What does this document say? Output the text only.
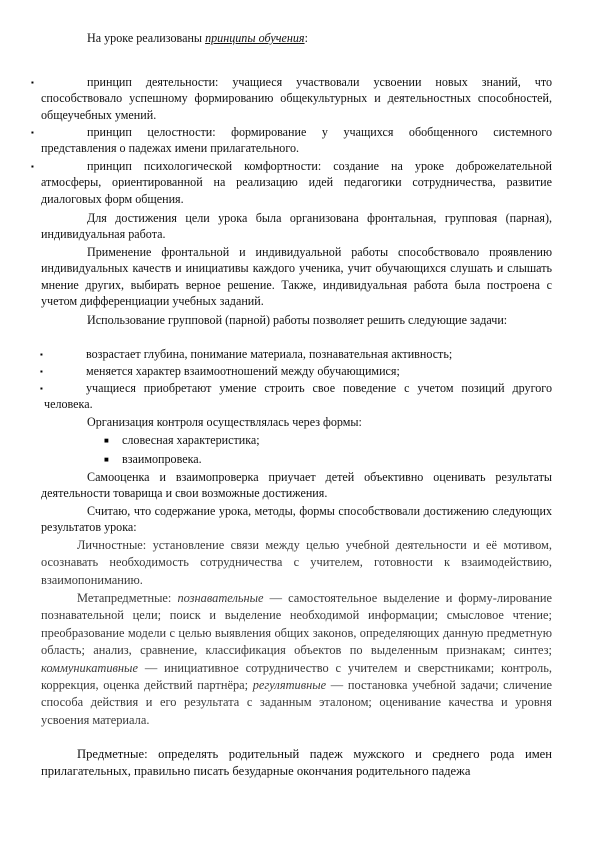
На уроке реализованы принципы обучения:
▪	принцип деятельности: учащиеся участвовали усвоении новых знаний, что способствовало успешному формированию общекультурных и деятельностных способностей, общеучебных умений.
▪	принцип целостности: формирование у учащихся обобщенного системного представления о падежах имени прилагательного.
▪	принцип психологической комфортности: создание на уроке доброжелательной атмосферы, ориентированной на реализацию идей педагогики сотрудничества, развитие диалоговых форм общения.
Для достижения цели урока была организована фронтальная, групповая (парная), индивидуальная работа.
Применение фронтальной и индивидуальной работы способствовало проявлению индивидуальных качеств и инициативы каждого ученика, учит обучающихся слушать и слышать мнение других, выбирать верное решение. Также, индивидуальная работа была построена с учетом дифференциации учебных заданий.
Использование групповой (парной) работы позволяет решить следующие задачи:
▪	возрастает глубина, понимание материала, познавательная активность;
▪	меняется характер взаимоотношений между обучающимися;
▪	учащиеся приобретают умение строить свое поведение с учетом позиций другого человека.
Организация контроля осуществлялась через формы:
■ словесная характеристика;
■ взаимопровека.
Самооценка и взаимопроверка приучает детей объективно оценивать результаты деятельности товарища и свои возможные достижения.
Считаю, что содержание урока, методы, формы способствовали достижению следующих результатов урока:
Личностные: установление связи между целью учебной деятельности и её мотивом, осознавать необходимость сотрудничества с учителем, готовности к взаимодействию, взаимопониманию.
Метапредметные: познавательные — самостоятельное выделение и форму-лирование познавательной цели; поиск и выделение необходимой информации; смысловое чтение; преобразование модели с целью выявления общих законов, определяющих данную предметную область; анализ, сравнение, классификация объектов по выделенным признакам; синтез; коммуникативные — инициативное сотрудничество с учителем и сверстниками; контроль, коррекция, оценка действий партнёра; регулятивные — постановка учебной задачи; сличение способа действия и его результата с заданным эталоном; оценивание качества и уровня усвоения материала.
Предметные: определять родительный падеж мужского и среднего рода имен прилагательных, правильно писать безударные окончания родительного падежа
